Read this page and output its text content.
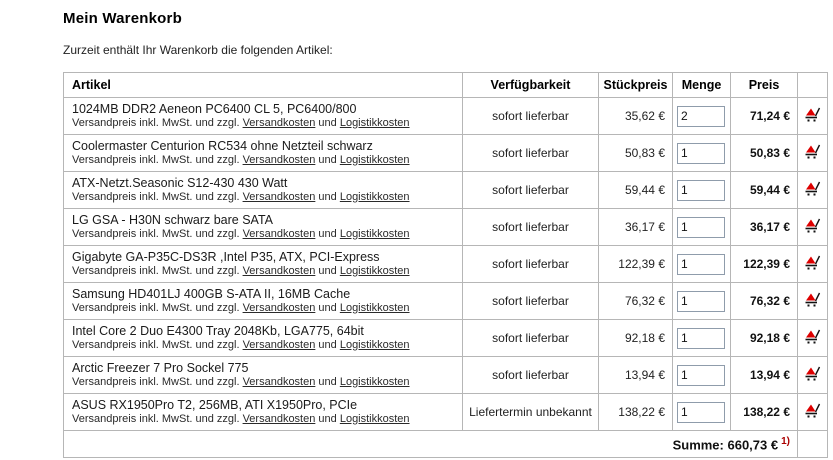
Mein Warenkorb
Zurzeit enthält Ihr Warenkorb die folgenden Artikel:
Artikel	Verfügbarkeit	Stückpreis	Menge	Preis	

1024MB DDR2 Aeneon PC6400 CL 5, PC6400/800
Versandpreis inkl. MwSt. und zzgl. Versandkosten und Logistikkosten	sofort lieferbar	35,62 €	2	71,24 €	

Coolermaster Centurion RC534 ohne Netzteil schwarz
Versandpreis inkl. MwSt. und zzgl. Versandkosten und Logistikkosten	sofort lieferbar	50,83 €	1	50,83 €	

ATX-Netzt.Seasonic S12-430 430 Watt
Versandpreis inkl. MwSt. und zzgl. Versandkosten und Logistikkosten	sofort lieferbar	59,44 €	1	59,44 €	

LG GSA - H30N schwarz bare SATA
Versandpreis inkl. MwSt. und zzgl. Versandkosten und Logistikkosten	sofort lieferbar	36,17 €	1	36,17 €	

Gigabyte GA-P35C-DS3R ,Intel P35, ATX, PCI-Express
Versandpreis inkl. MwSt. und zzgl. Versandkosten und Logistikkosten	sofort lieferbar	122,39 €	1	122,39 €	

Samsung HD401LJ 400GB S-ATA II, 16MB Cache
Versandpreis inkl. MwSt. und zzgl. Versandkosten und Logistikkosten	sofort lieferbar	76,32 €	1	76,32 €	

Intel Core 2 Duo E4300 Tray 2048Kb, LGA775, 64bit
Versandpreis inkl. MwSt. und zzgl. Versandkosten und Logistikkosten	sofort lieferbar	92,18 €	1	92,18 €	

Arctic Freezer 7 Pro Sockel 775
Versandpreis inkl. MwSt. und zzgl. Versandkosten und Logistikkosten	sofort lieferbar	13,94 €	1	13,94 €	

ASUS RX1950Pro T2, 256MB, ATI X1950Pro, PCIe
Versandpreis inkl. MwSt. und zzgl. Versandkosten und Logistikkosten	Liefertermin unbekannt	138,22 €	1	138,22 €	
Summe: 660,73 € $^{1)}$	
